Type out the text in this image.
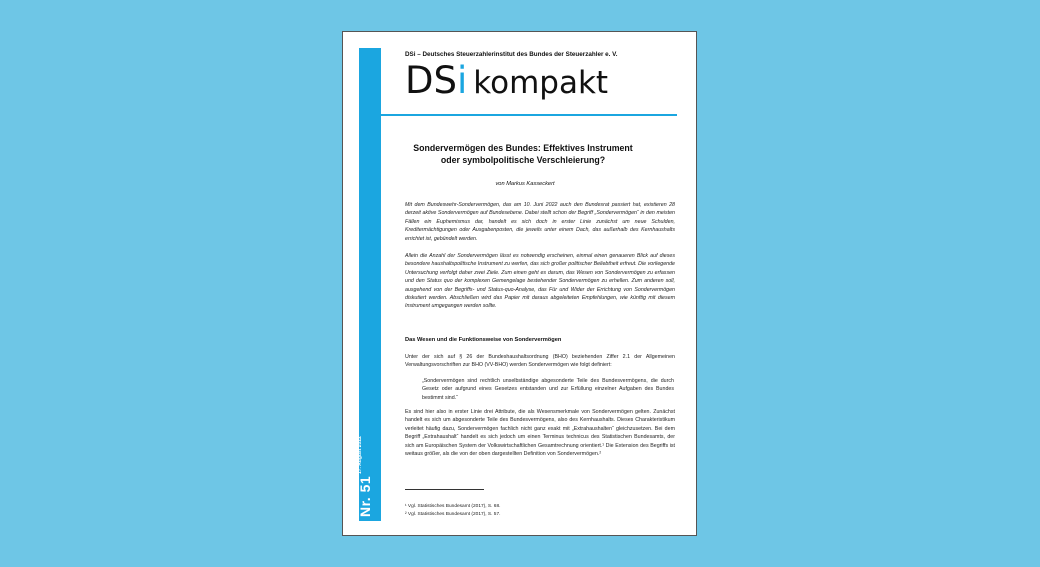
Nr. 51
17. August 2022
DSi – Deutsches Steuerzahlerinstitut des Bundes der Steuerzahler e. V.
DSi kompakt
Sondervermögen des Bundes: Effektives Instrument oder symbolpolitische Verschleierung?
von Markus Kasseckert
Mit dem Bundeswehr-Sondervermögen, das am 10. Juni 2022 auch den Bundesrat passiert hat, existieren 28 derzeit aktive Sondervermögen auf Bundesebene. Dabei stellt schon der Begriff „Sondervermögen“ in den meisten Fällen ein Euphemismus dar, handelt es sich doch in erster Linie zunächst um neue Schulden, Kreditermächtigungen oder Ausgabenposten, die jeweils unter einem Dach, das außerhalb des Kernhaushalts errichtet ist, gebündelt werden.
Allein die Anzahl der Sondervermögen lässt es notwendig erscheinen, einmal einen genaueren Blick auf dieses besondere haushaltspolitische Instrument zu werfen, das sich großer politischer Beliebtheit erfreut. Die vorliegende Untersuchung verfolgt daher zwei Ziele. Zum einen geht es darum, das Wesen von Sondervermögen zu erfassen und den Status quo der komplexen Gemengelage bestehender Sondervermögen zu erhellen. Zum anderen soll, ausgehend von der Begriffs- und Status-quo-Analyse, das Für und Wider der Errichtung von Sondervermögen diskutiert werden. Abschließen wird das Papier mit daraus abgeleiteten Empfehlungen, wie künftig mit diesem Instrument umgegangen werden sollte.
Das Wesen und die Funktionsweise von Sondervermögen
Unter der sich auf § 26 der Bundeshaushaltsordnung (BHO) beziehenden Ziffer 2.1 der Allgemeinen Verwaltungsvorschriften zur BHO (VV-BHO) werden Sondervermögen wie folgt definiert:
„Sondervermögen sind rechtlich unselbständige abgesonderte Teile des Bundesvermögens, die durch Gesetz oder aufgrund eines Gesetzes entstanden und zur Erfüllung einzelner Aufgaben des Bundes bestimmt sind.“
Es sind hier also in erster Linie drei Attribute, die als Wesensmerkmale von Sondervermögen gelten. Zunächst handelt es sich um abgesonderte Teile des Bundesvermögens, also des Kernhaushalts. Dieses Charakteristikum verleitet häufig dazu, Sondervermögen fachlich nicht ganz exakt mit „Extrahaushalten“ gleichzusetzen. Bei dem Begriff „Extrahaushalt“ handelt es sich jedoch um einen Terminus technicus des Statistischen Bundesamts, der sich am Europäischen System der Volkswirtschaftlichen Gesamtrechnung orientiert.¹ Die Extension des Begriffs ist weitaus größer, als die von der oben dargestellten Definition von Sondervermögen.²
¹ Vgl. Statistisches Bundesamt (2017), S. 68.
² Vgl. Statistisches Bundesamt (2017), S. 57.
